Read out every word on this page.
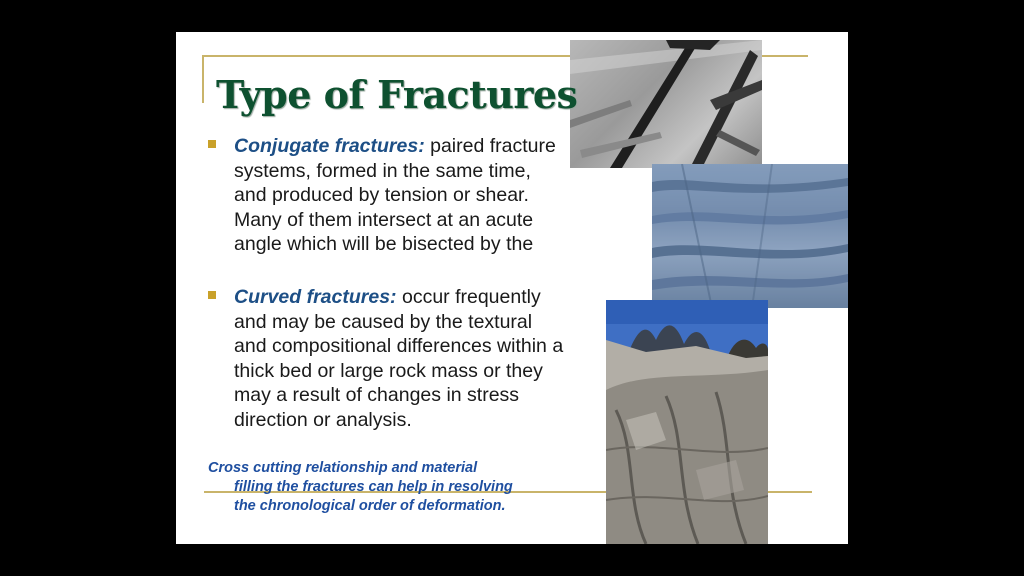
Type of Fractures
Conjugate fractures: paired fracture systems, formed in the same time, and produced by tension or shear. Many of them intersect at an acute angle which will be bisected by the
Curved fractures: occur frequently and may be caused by the textural and compositional differences within a thick bed or large rock mass or they may a result of changes in stress direction or analysis.
Cross cutting relationship and material
filling the fractures can help in resolving
the chronological order of deformation.
